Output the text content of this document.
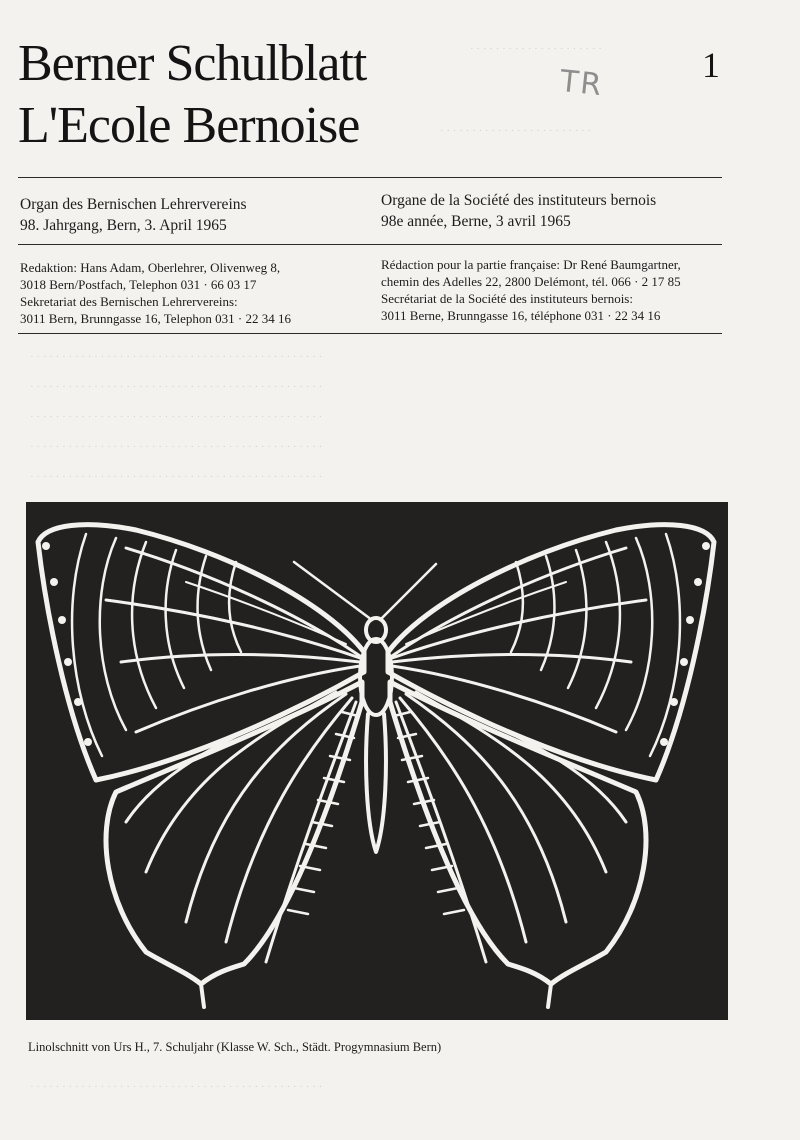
· · · · · · · · · · · · · · · · · · · · ·
· · · · · · · · · · · · · · · · · · · · · · · ·
· · · · · · · · · · · · · · · · · · · · · · · · · · · · · · · · · · · · · · · · · · · · · ·
· · · · · · · · · · · · · · · · · · · · · · · · · · · · · · · · · · · · · · · · · · · · · ·
· · · · · · · · · · · · · · · · · · · · · · · · · · · · · · · · · · · · · · · · · · · · · ·
· · · · · · · · · · · · · · · · · · · · · · · · · · · · · · · · · · · · · · · · · · · · · ·
· · · · · · · · · · · · · · · · · · · · · · · · · · · · · · · · · · · · · · · · · · · · · ·
· · · · · · · · · · · · · · · · · · · · · · · · · · · · · · · · · · · · · · · · · · · · · ·
Berner Schulblatt
L'Ecole Bernoise
1
TR
Organ des Bernischen Lehrervereins
98. Jahrgang, Bern, 3. April 1965
Organe de la Société des instituteurs bernois
98e année, Berne, 3 avril 1965
Redaktion: Hans Adam, Oberlehrer, Olivenweg 8,
3018 Bern/Postfach, Telephon 031 · 66 03 17
Sekretariat des Bernischen Lehrervereins:
3011 Bern, Brunngasse 16, Telephon 031 · 22 34 16
Rédaction pour la partie française: Dr René Baumgartner,
chemin des Adelles 22, 2800 Delémont, tél. 066 · 2 17 85
Secrétariat de la Société des instituteurs bernois:
3011 Berne, Brunngasse 16, téléphone 031 · 22 34 16
Linolschnitt von Urs H., 7. Schuljahr (Klasse W. Sch., Städt. Progymnasium Bern)
